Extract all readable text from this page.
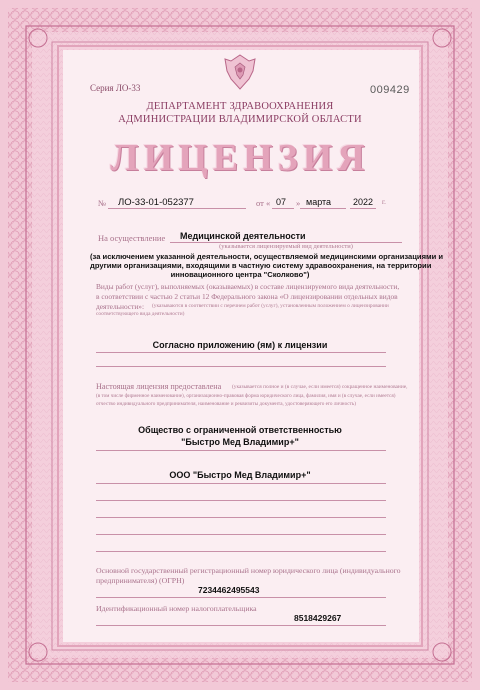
Серия ЛО-33	009429
ДЕПАРТАМЕНТ ЗДРАВООХРАНЕНИЯ
АДМИНИСТРАЦИИ ВЛАДИМИРСКОЙ ОБЛАСТИ
ЛИЦЕНЗИЯ
№ ЛО-33-01-052377	от « 07 » марта 2022 г.
На осуществление Медицинской деятельности
(указывается лицензируемый вид деятельности)
(за исключением указанной деятельности, осуществляемой медицинскими организациями и
другими организациями, входящими в частную систему здравоохранения, на территории
инновационного центра "Сколково")
Виды работ (услуг), выполняемых (оказываемых) в составе лицензируемого вида деятельности,
в соответствии с частью 2 статьи 12 Федерального закона «О лицензировании отдельных видов
деятельности»: (указываются в соответствии с перечнем работ (услуг), установленным положением о лицензировании
соответствующего вида деятельности)
Согласно приложению (ям) к лицензии
Настоящая лицензия предоставлена (указывается полное и (в случае, если имеется) сокращенное наименование,
(в том числе фирменное наименование), организационно-правовая форма юридического лица, фамилия, имя и (в случае, если имеется)
отчество индивидуального предпринимателя, наименование и реквизиты документа, удостоверяющего его личность)
Общество с ограниченной ответственностью
"Быстро Мед Владимир+"
ООО "Быстро Мед Владимир+"
Основной государственный регистрационный номер юридического лица (индивидуального
предпринимателя) (ОГРН)
7234462495543
Идентификационный номер налогоплательщика
8518429267
